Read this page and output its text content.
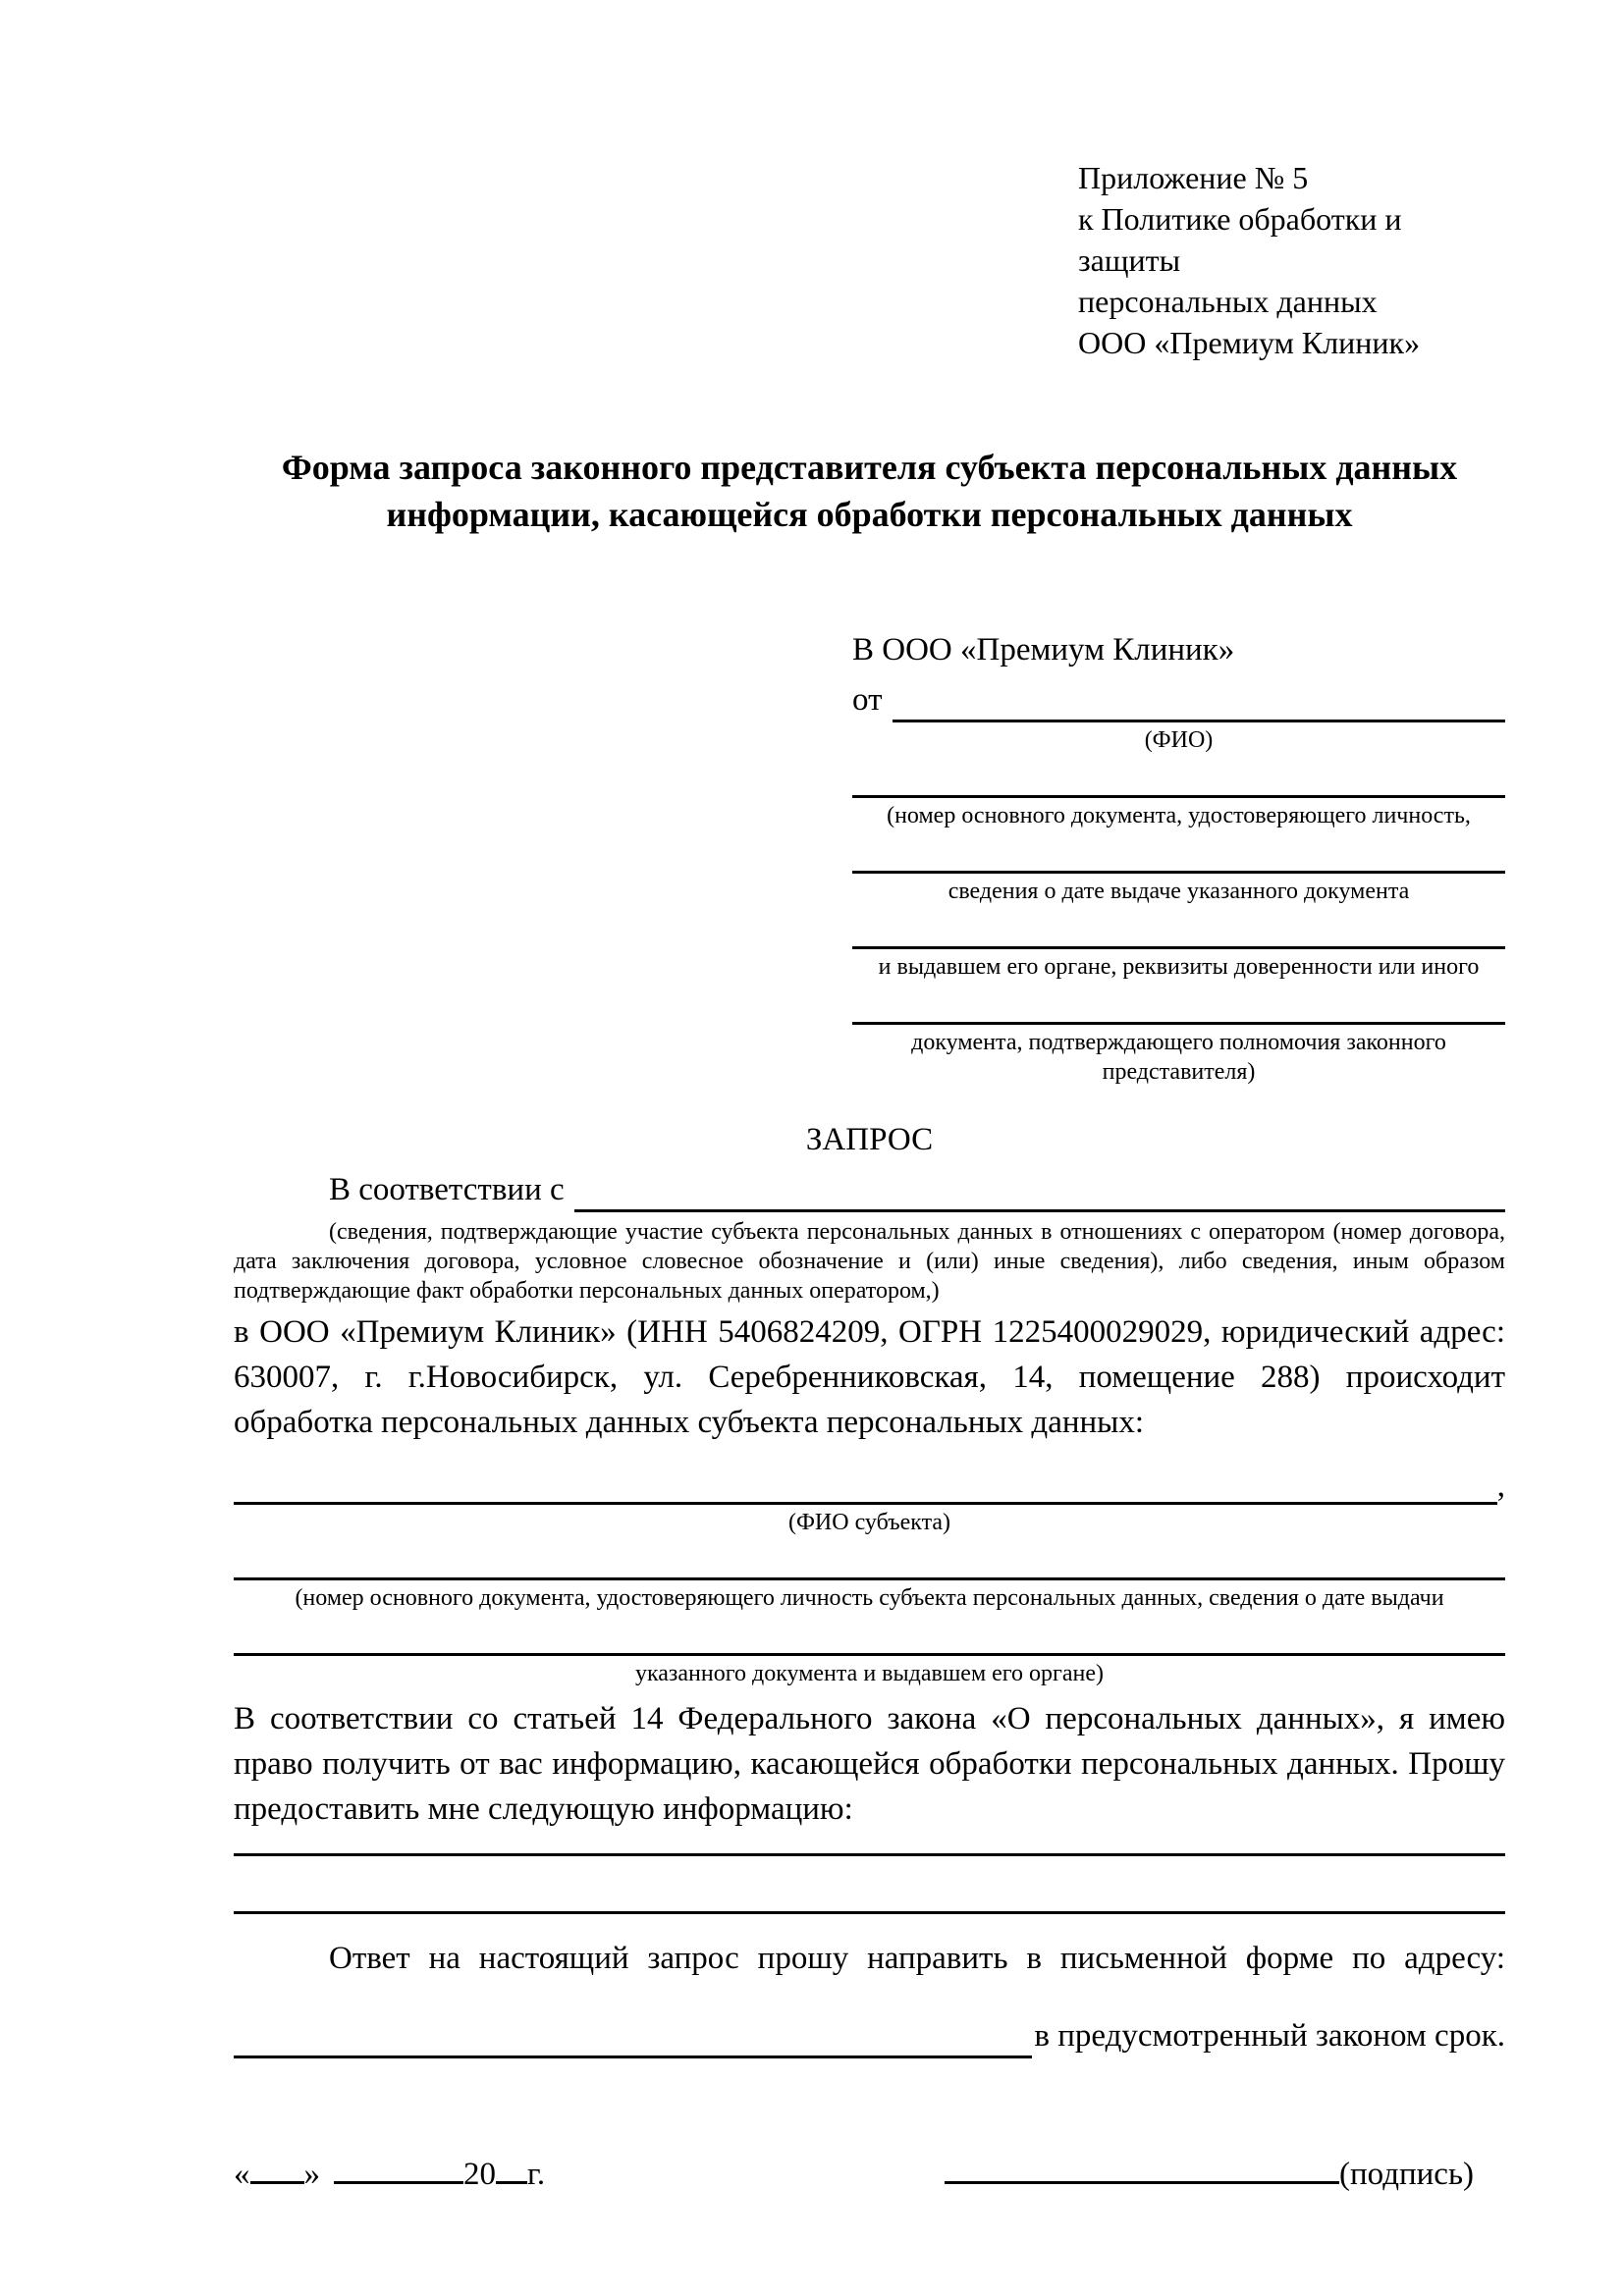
Приложение № 5
к Политике обработки и защиты
персональных данных
ООО «Премиум Клиник»
Форма запроса законного представителя субъекта персональных данных
информации, касающейся обработки персональных данных
В ООО «Премиум Клиник»
от
(ФИО)
(номер основного документа, удостоверяющего личность,
сведения о дате выдаче указанного документа
и выдавшем его органе, реквизиты доверенности или иного
документа, подтверждающего полномочия законного представителя)
ЗАПРОС
В соответствии с
(сведения, подтверждающие участие субъекта персональных данных в отношениях с оператором (номер договора, дата заключения договора, условное словесное обозначение и (или) иные сведения), либо сведения, иным образом подтверждающие факт обработки персональных данных оператором,)

в ООО «Премиум Клиник» (ИНН 5406824209, ОГРН 1225400029029, юридический адрес: 630007, г. г.Новосибирск, ул. Серебренниковская, 14, помещение 288) происходит обработка персональных данных субъекта персональных данных:

,
(ФИО субъекта)
(номер основного документа, удостоверяющего личность субъекта персональных данных, сведения о дате выдачи
указанного документа и выдавшем его органе)

В соответствии со статьей 14 Федерального закона «О персональных данных», я имею право получить от вас информацию, касающейся обработки персональных данных. Прошу предоставить мне следующую информацию:

Ответ на настоящий запрос прошу направить в письменной форме по адресу:

в предусмотренный законом срок.
« »	20 г.	(подпись)
